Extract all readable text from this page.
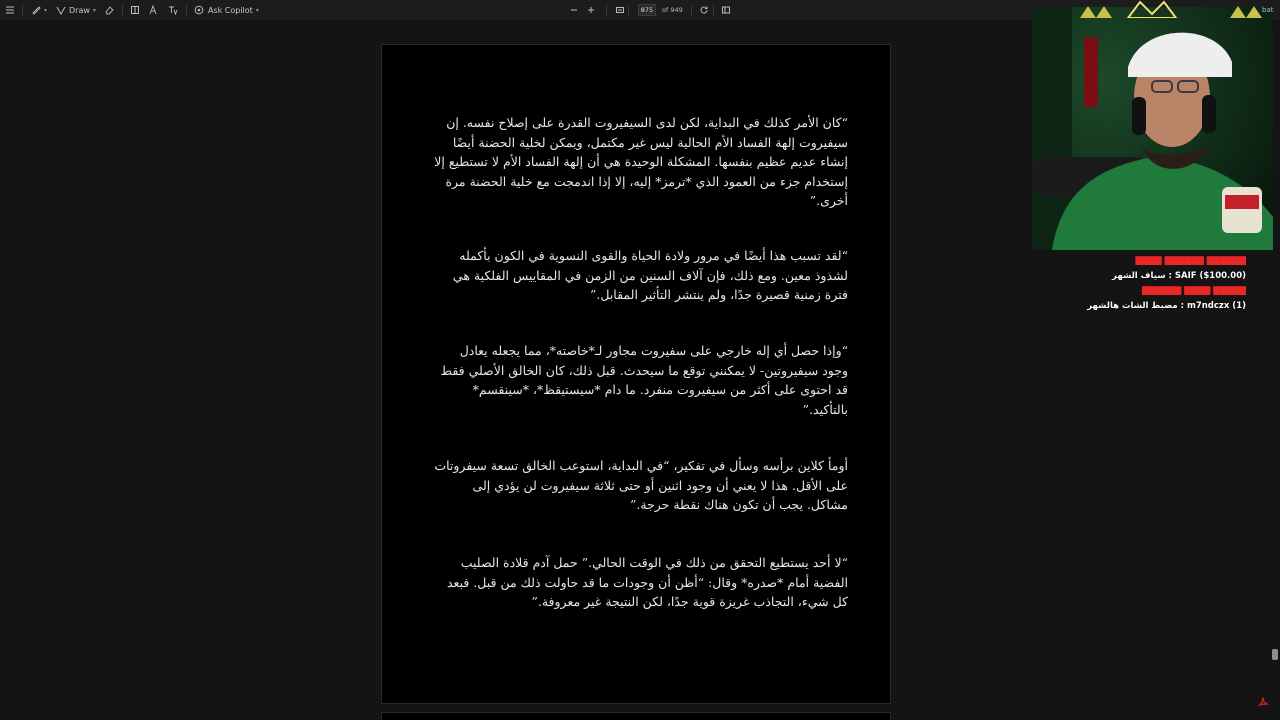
▾	Draw ▾	Ask Copilot ▾	875	of 949

“كان الأمر كذلك في البداية، لكن لدى السيفيروت القدرة على إصلاح نفسه. إن سيفيروت إلهة الفساد الأم الحالية ليس غير مكتمل، ويمكن لخلية الحضنة أيضًا إنشاء عديم عظيم بنفسها. المشكلة الوحيدة هي أن إلهة الفساد الأم لا تستطيع إلا إستخدام جزء من العمود الذي *ترمز* إليه، إلا إذا اندمجت مع خلية الحضنة مرة أخرى.”

“لقد تسبب هذا أيضًا في مرور ولادة الحياة والقوى النسوية في الكون بأكمله لشذوذ معين. ومع ذلك، فإن آلاف السنين من الزمن في المقاييس الفلكية هي فترة زمنية قصيرة جدًا، ولم ينتشر التأثير المقابل.”

“وإذا حصل أي إله خارجي على سفيروت مجاور لـ*خاصته*، مما يجعله يعادل وجود سيفيروتين- لا يمكنني توقع ما سيحدث. قبل ذلك، كان الخالق الأصلي فقط قد احتوى على أكثر من سيفيروت منفرد. ما دام *سيستيقظ*، *سينقسم* بالتأكيد.”

أومأ كلاين برأسه وسأل في تفكير، “في البداية، استوعب الخالق تسعة سيفروتات على الأقل. هذا لا يعني أن وجود اثنين أو حتى ثلاثة سيفيروت لن يؤدي إلى مشاكل. يجب أن تكون هناك نقطة حرجة.”

“لا أحد يستطيع التحقق من ذلك في الوقت الحالي.” حمل آدم قلادة الصليب الفضية أمام *صدره* وقال: “أظن أن وجودات ما قد حاولت ذلك من قبل. فبعد كل شيء، التجاذب غريزة قوية جدًا، لكن النتيجة غير معروفة.”

bat
▇▇▇▇▇▇ ▇▇▇▇▇▇ ▇▇▇▇
SAIF ($100.00) : سياف الشهر
▇▇▇▇▇ ▇▇▇▇ ▇▇▇▇▇▇
m7ndczx (1) : مضبط الشات هالشهر
